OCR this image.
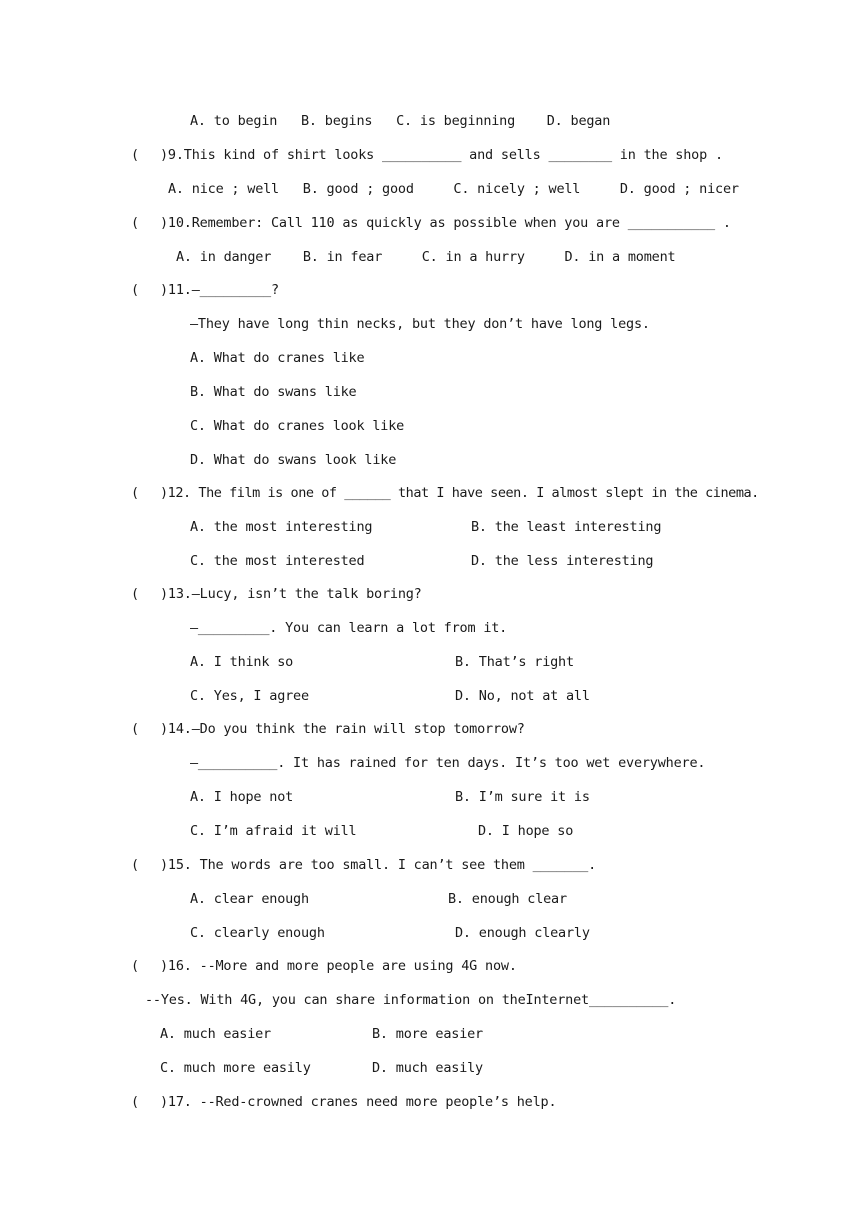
(
(
(
(
(
(
(
(
(
A. to begin   B. begins   C. is beginning    D. began
)9.This kind of shirt looks __________ and sells ________ in the shop .
A. nice ; well   B. good ; good     C. nicely ; well     D. good ; nicer
)10.Remember: Call 110 as quickly as possible when you are ___________ .
A. in danger    B. in fear     C. in a hurry     D. in a moment
)11.—_________?
—They have long thin necks, but they don’t have long legs.
A. What do cranes like
B. What do swans like
C. What do cranes look like
D. What do swans look like
)12. The film is one of ______ that I have seen. I almost slept in the cinema.
A. the most interesting	B. the least interesting
C. the most interested	D. the less interesting
)13.—Lucy, isn’t the talk boring?
—_________. You can learn a lot from it.
A. I think so	B. That’s right
C. Yes, I agree	D. No, not at all
)14.—Do you think the rain will stop tomorrow?
—__________. It has rained for ten days. It’s too wet everywhere.
A. I hope not	B. I’m sure it is
C. I’m afraid it will	D. I hope so
)15. The words are too small. I can’t see them _______.
A. clear enough	B. enough clear
C. clearly enough	D. enough clearly
)16. --More and more people are using 4G now.
--Yes. With 4G, you can share information on theInternet__________.
A. much easier	B. more easier
C. much more easily	D. much easily
)17. --Red-crowned cranes need more people’s help.
